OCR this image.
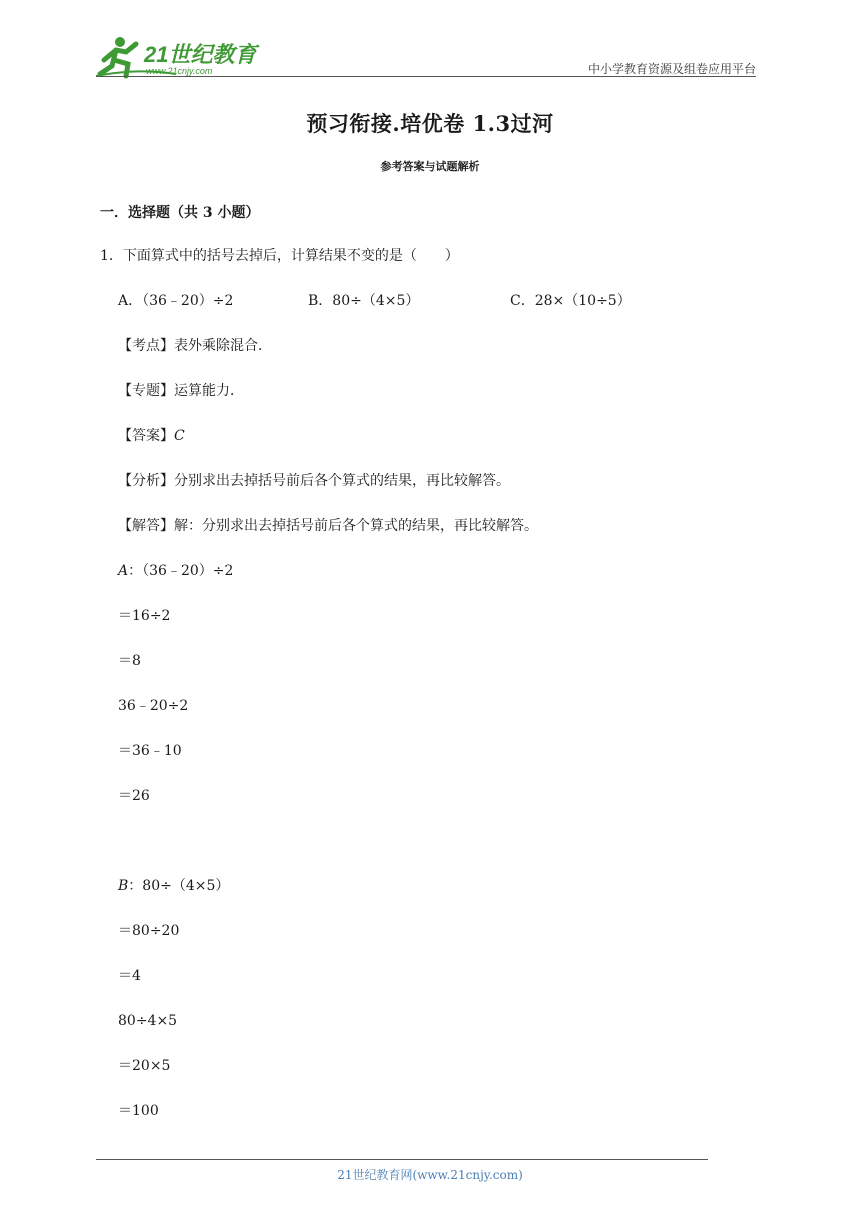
21世纪教育
www.21cnjy.com	中小学教育资源及组卷应用平台
预习衔接.培优卷 1.3过河
参考答案与试题解析
一．选择题（共 3 小题）
1．下面算式中的括号去掉后，计算结果不变的是（　　）
A．（36﹣20）÷2	B．80÷（4×5）	C．28×（10÷5）
【考点】表外乘除混合．
【专题】运算能力．
【答案】C
【分析】分别求出去掉括号前后各个算式的结果，再比较解答。
【解答】解：分别求出去掉括号前后各个算式的结果，再比较解答。
A：（36﹣20）÷2
＝16÷2
＝8
36﹣20÷2
＝36﹣10
＝26
B：80÷（4×5）
＝80÷20
＝4
80÷4×5
＝20×5
＝100
21世纪教育网(www.21cnjy.com)
